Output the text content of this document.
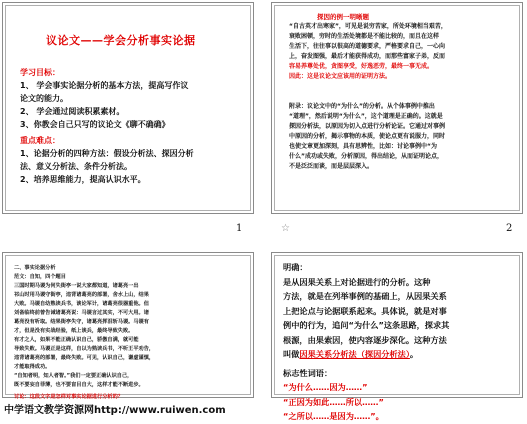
议论文——学会分析事实论据
学习目标：
1、 学会事实论据分析的基本方法，提高写作议
论文的能力。
2、 学会通过阅读积累素材。
3、你教会自己只写的议论文《聊不确确》
重点难点：
1、论据分析的四种方法：假设分析法、探因分析
法、意义分析法、条件分析法。
2、培养思维能力，提高认识水平。
1
探因的例一明晰题
“自古英才出寒家”，可见是说穷苦家，所处环境相当艰苦，
衰败困顿，穷时的生活处境都是不能比较的，而且在这样
生活下，往往事以很高的道德要求，严格要求自己，一心向
上，奋发图强，最后才能获得成功，而那些富家子弟，反而
容易养尊处优，贪图享受，好逸恶劳，最终一事无成。
因此：这是议论文应该用的证明方法。
附录：议论文中的“为什么”的分析。从个体事例中推出
“道理”，然后说明“为什么”，这个道理是正确的。这就是
探因分析法，以原因为切入点进行分析论证。它通过对事例
中原因的分析，揭示事物的本质，使论点更有说服力，同时
也使文章更加深刻，具有思辨性，比如：讨论事例中“为
什么”成功或失败，分析原因，得出结论，从而证明论点，
不是泛泛而谈，而是层层深入。
☆	2
二、事实论据分析
范文：自知，四个题目
三国时期马谡为何失街亭一说大家都知道，诸葛亮一出
祁山时用马谡守街亭，违背诸葛亮的部署，舍水上山，结果
大败。马谡自幼熟读兵书，谈论军计，诸葛亮很器重他。但
刘备临终前曾告诫诸葛亮说：马谡言过其实，不可大用。诸
葛亮没有听取。结果街亭失守，诸葛亮挥泪斩马谡。马谡有
才，但是没有实战经验，纸上谈兵，最终导致失败。
有才之人，如果不能正确认识自己，骄傲自满，就可能
导致失败。马谡正是这样，自以为熟读兵书，不听王平劝告，
违背诸葛亮的部署，最终失败。可见，认识自己，谦虚谨慎，
才能取得成功。
“自知者明，知人者智。”我们一定要正确认识自己，
既不要妄自菲薄，也不要盲目自大，这样才能不断进步。
讨论：这段文字是怎样对事实论据进行分析的？
明确：
是从因果关系上对论据进行的分析。这种
方法，就是在列举事例的基础上，从因果关系
上把论点与论据联系起来。具体说，就是对事
例中的行为，追问“为什么”这条思路，探求其
根源，由果索因，使内容逐步深化。这种方法
叫做因果关系分析法（探因分析法）。
标志性词语：
“为什么……因为……”
“正因为如此……所以……”
“之所以……是因为……”。
中学语文教学资源网http://www.ruiwen.com
